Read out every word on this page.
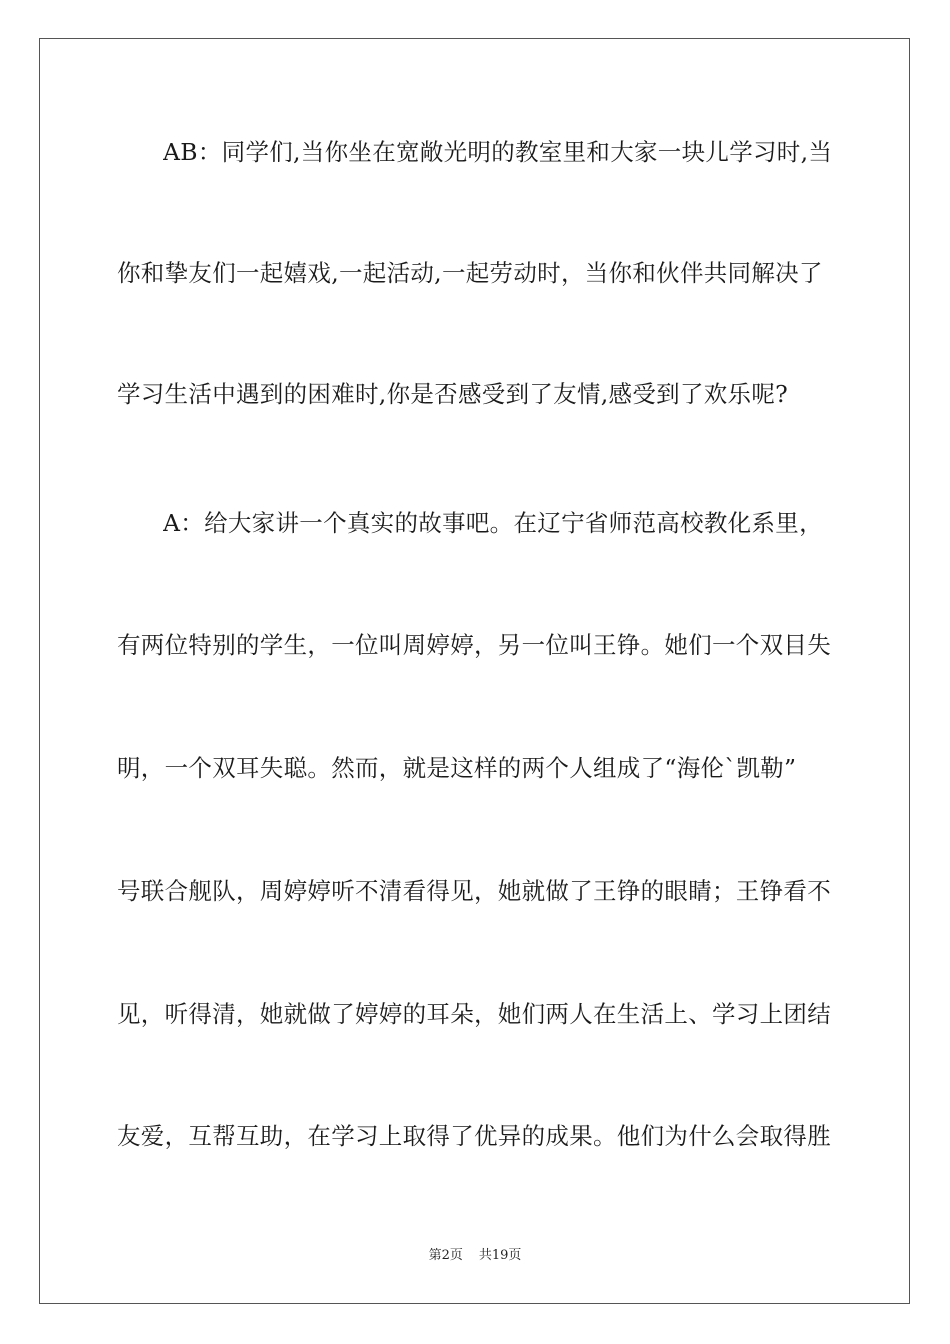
AB：同学们,当你坐在宽敞光明的教室里和大家一块儿学习时,当
你和挚友们一起嬉戏,一起活动,一起劳动时，当你和伙伴共同解决了
学习生活中遇到的困难时,你是否感受到了友情,感受到了欢乐呢?
A：给大家讲一个真实的故事吧。在辽宁省师范高校教化系里，
有两位特别的学生，一位叫周婷婷，另一位叫王铮。她们一个双目失
明，一个双耳失聪。然而，就是这样的两个人组成了“海伦`凯勒”
号联合舰队，周婷婷听不清看得见，她就做了王铮的眼睛；王铮看不
见，听得清，她就做了婷婷的耳朵，她们两人在生活上、学习上团结
友爱，互帮互助，在学习上取得了优异的成果。他们为什么会取得胜
第2页 共19页
